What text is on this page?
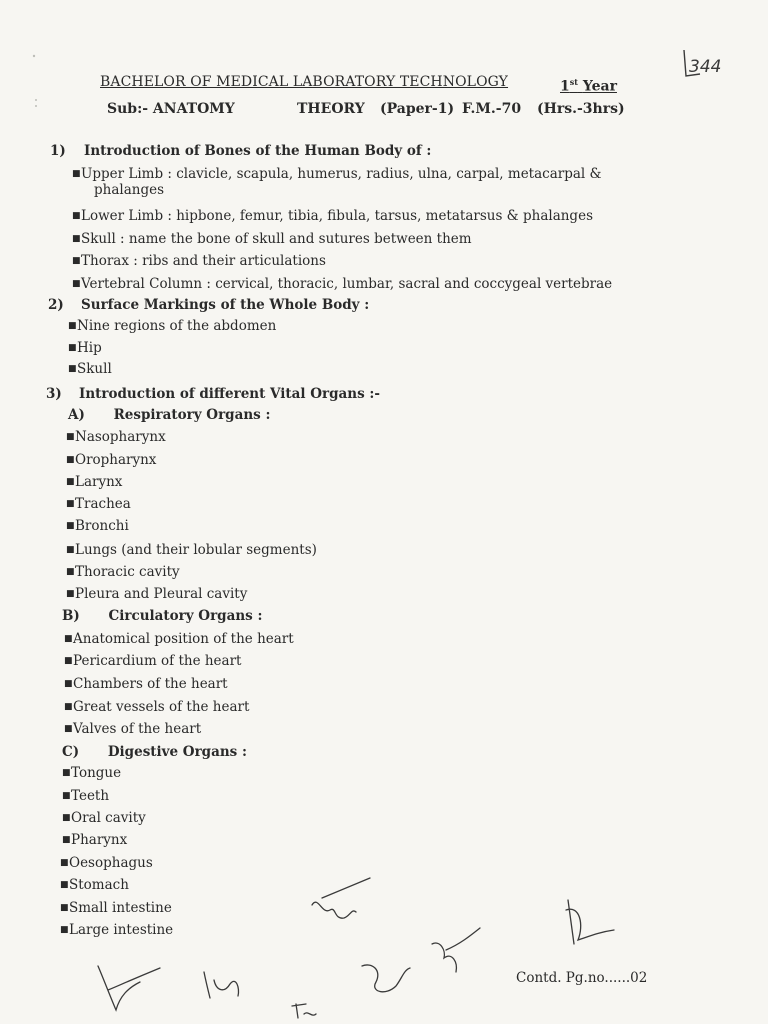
344
BACHELOR OF MEDICAL LABORATORY TECHNOLOGY	1st Year
Sub:- ANATOMY	THEORY (Paper-1) F.M.-70 (Hrs.-3hrs)
1) Introduction of Bones of the Human Body of :
■Upper Limb : clavicle, scapula, humerus, radius, ulna, carpal, metacarpal &
phalanges
■Lower Limb : hipbone, femur, tibia, fibula, tarsus, metatarsus & phalanges
■Skull : name the bone of skull and sutures between them
■Thorax : ribs and their articulations
■Vertebral Column : cervical, thoracic, lumbar, sacral and coccygeal vertebrae
2) Surface Markings of the Whole Body :
■Nine regions of the abdomen
■Hip
■Skull
3) Introduction of different Vital Organs :-
A) Respiratory Organs :
■Nasopharynx
■Oropharynx
■Larynx
■Trachea
■Bronchi
■Lungs (and their lobular segments)
■Thoracic cavity
■Pleura and Pleural cavity
B) Circulatory Organs :
■Anatomical position of the heart
■Pericardium of the heart
■Chambers of the heart
■Great vessels of the heart
■Valves of the heart
C) Digestive Organs :
■Tongue
■Teeth
■Oral cavity
■Pharynx
■Oesophagus
■Stomach
■Small intestine
■Large intestine
Contd. Pg.no......02
